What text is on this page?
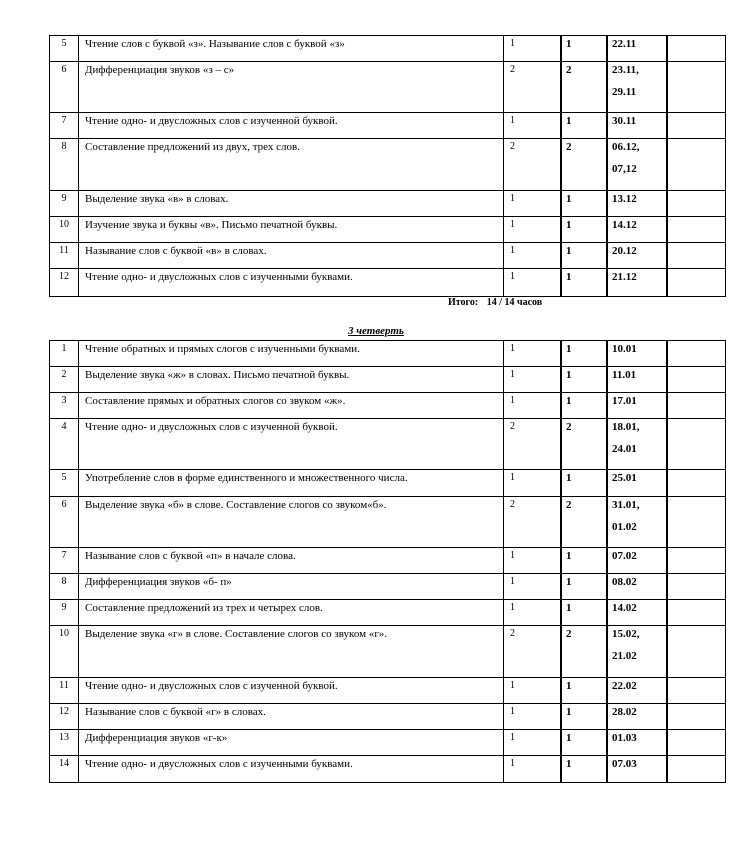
5	Чтение слов с буквой «з». Называние слов с буквой «з»	1	1	22.11	
6	Дифференциация звуков «з – с»	2	2	23.11,
29.11	

7	Чтение одно- и двусложных слов с изученной буквой.	1	1	30.11	
8	Составление предложений из двух, трех слов.	2	2	06.12,
07,12	

9	Выделение звука «в» в словах.	1	1	13.12	
10	Изучение звука и буквы «в». Письмо печатной буквы.	1	1	14.12	
11	Называние слов с буквой «в» в словах.	1	1	20.12	
12	Чтение одно- и двусложных слов с изученными буквами.	1	1	21.12	
Итого: 14 / 14 часов
3 четверть
1	Чтение обратных и прямых слогов с изученными буквами.	1	1	10.01	
2	Выделение звука «ж» в словах. Письмо печатной буквы.	1	1	11.01	
3	Составление прямых и обратных слогов со звуком «ж».	1	1	17.01	
4	Чтение одно- и двусложных слов с изученной буквой.	2	2	18.01,
24.01	

5	Употребление слов в форме единственного и множественного числа.	1	1	25.01	
6	Выделение звука «б» в слове. Составление слогов со звуком«б».	2	2	31.01,
01.02	

7	Называние слов с буквой «п» в начале слова.	1	1	07.02	
8	Дифференциация звуков «б- п»	1	1	08.02	
9	Составление предложений из трех и четырех слов.	1	1	14.02	
10	Выделение звука «г» в слове. Составление слогов со звуком «г».	2	2	15.02,
21.02	

11	Чтение одно- и двусложных слов с изученной буквой.	1	1	22.02	
12	Называние слов с буквой «г» в словах.	1	1	28.02	
13	Дифференциация звуков «г-к»	1	1	01.03	
14	Чтение одно- и двусложных слов с изученными буквами.	1	1	07.03	
